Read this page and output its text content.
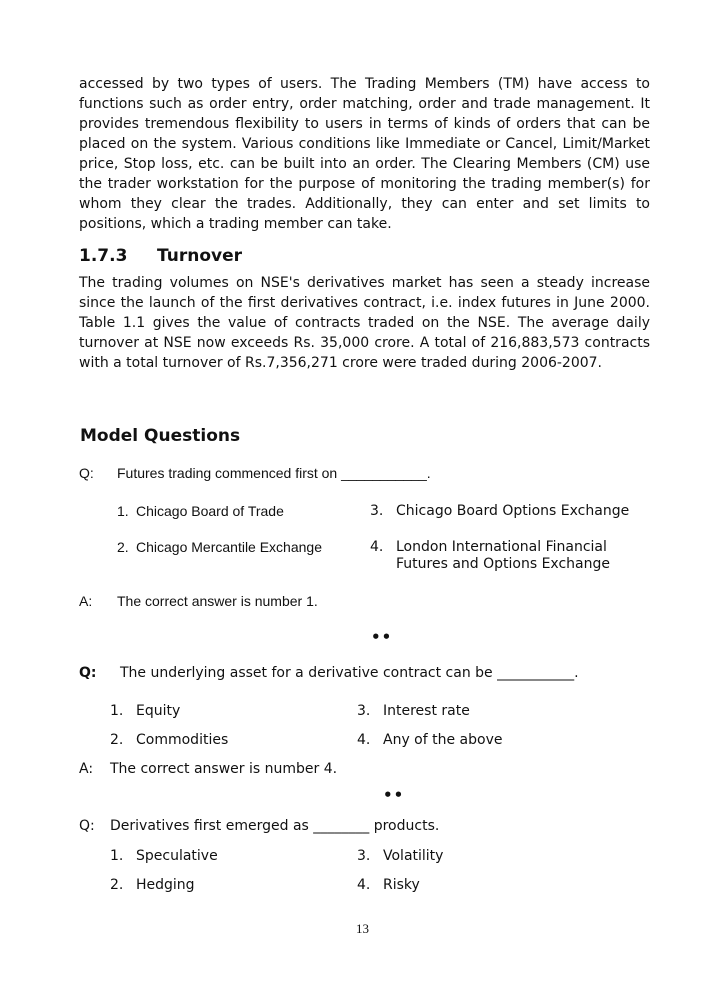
accessed by two types of users. The Trading Members (TM) have access to functions such as order entry, order matching, order and trade management. It provides tremendous flexibility to users in terms of kinds of orders that can be placed on the system. Various conditions like Immediate or Cancel, Limit/Market price, Stop loss, etc. can be built into an order. The Clearing Members (CM) use the trader workstation for the purpose of monitoring the trading member(s) for whom they clear the trades. Additionally, they can enter and set limits to positions, which a trading member can take.

1.7.3 Turnover

The trading volumes on NSE's derivatives market has seen a steady increase since the launch of the first derivatives contract, i.e. index futures in June 2000. Table 1.1 gives the value of contracts traded on the NSE. The average daily turnover at NSE now exceeds Rs. 35,000 crore. A total of 216,883,573 contracts with a total turnover of Rs.7,356,271 crore were traded during 2006-2007.

Model Questions
Q: Futures trading commenced first on ___________.
1. Chicago Board of Trade	3. Chicago Board Options Exchange
2. Chicago Mercantile Exchange	4. London International Financial
Futures and Options Exchange
A: The correct answer is number 1.
••
Q: The underlying asset for a derivative contract can be ___________.
1. Equity	3. Interest rate
2. Commodities	4. Any of the above
A: The correct answer is number 4.
••
Q: Derivatives first emerged as ________ products.
1. Speculative	3. Volatility
2. Hedging	4. Risky
13
